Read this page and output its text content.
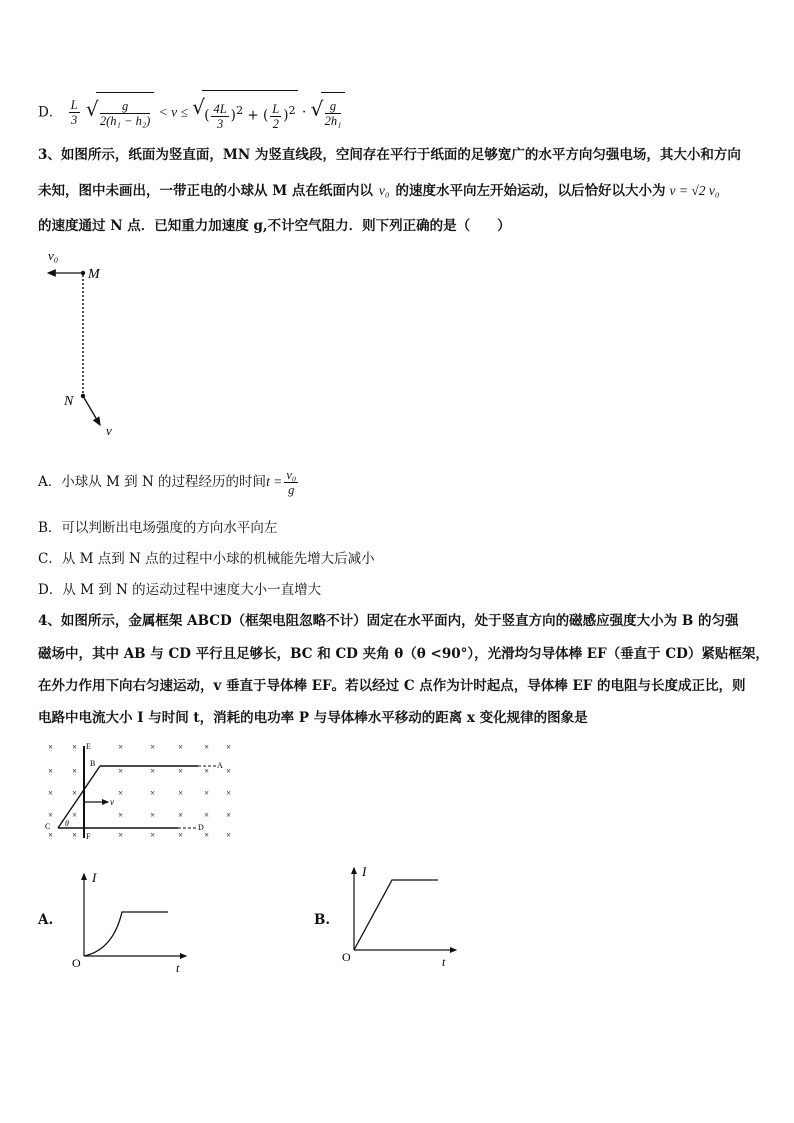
D． $\frac{L}{3}$
√ $\frac{g}{\text{2(h₁ − h₂)}} < v$ ≤ √ ( $\frac{4L}{3} )^2$ + ( $\frac{L}{2} )^2$ · √ $\frac{g}{\text{2h₁}}$
3、如图所示，纸面为竖直面，MN 为竖直线段，空间存在平行于纸面的足够宽广的水平方向匀强电场，其大小和方向
未知，图中未画出，一带正电的小球从 M 点在纸面内以 v₀ 的速度水平向左开始运动，以后恰好以大小为 v = √2 v₀
的速度通过 N 点．已知重力加速度 g,不计空气阻力．则下列正确的是（　　）
v₀
M
N
v
A．小球从 M 到 N 的过程经历的时间$t = \frac{\text{v₀}}{g}$
B．可以判断出电场强度的方向水平向左
C．从 M 点到 N 点的过程中小球的机械能先增大后减小
D．从 M 到 N 的运动过程中速度大小一直增大
4、如图所示，金属框架 ABCD（框架电阻忽略不计）固定在水平面内，处于竖直方向的磁感应强度大小为 B 的匀强
磁场中，其中 AB 与 CD 平行且足够长，BC 和 CD 夹角 θ（θ <90°），光滑均匀导体棒 EF（垂直于 CD）紧贴框架，
在外力作用下向右匀速运动，v 垂直于导体棒 EF。若以经过 C 点作为计时起点，导体棒 EF 的电阻与长度成正比，则
电路中电流大小 I 与时间 t，消耗的电功率 P 与导体棒水平移动的距离 x 变化规律的图象是
× ×	×	×	× × ×
× ×	×	×	× × ×
× ×	×	×	× × ×
× ×	×	×	× × ×
× ×	×	×	× × ×
v
E
F
B	A
C	D
θ
A.
I
t
O
B.
I
t
O
